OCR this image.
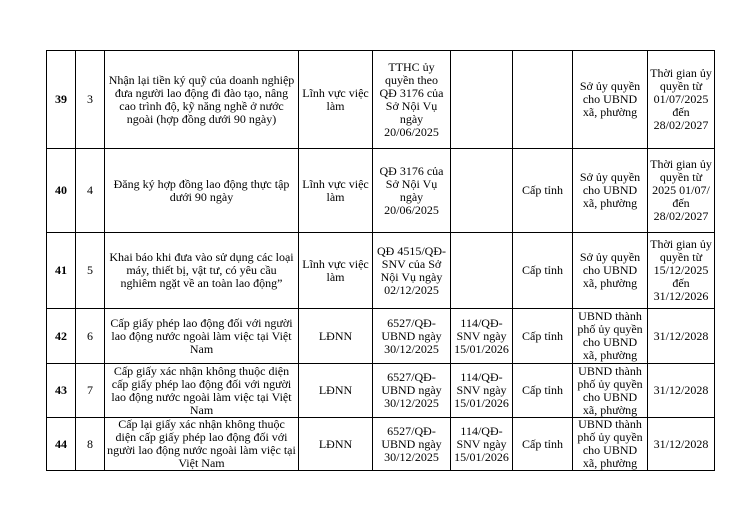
39	3	Nhận lại tiền ký quỹ của doanh nghiệp đưa người lao động đi đào tạo, nâng cao trình độ, kỹ năng nghề ở nước ngoài (hợp đồng dưới 90 ngày)	Lĩnh vực việc làm	TTHC ủy quyền theo QĐ 3176 của Sở Nội Vụ ngày 20/06/2025			Sở ủy quyền cho UBND xã, phường	Thời gian ủy quyền từ 01/07/2025 đến 28/02/2027
40	4	Đăng ký hợp đồng lao động thực tập dưới 90 ngày	Lĩnh vực việc làm	QĐ 3176 của Sở Nội Vụ ngày 20/06/2025		Cấp tỉnh	Sở ủy quyền cho UBND xã, phường	Thời gian ủy quyền từ 2025 01/07/đến 28/02/2027
41	5	Khai báo khi đưa vào sử dụng các loại máy, thiết bị, vật tư, có yêu cầu nghiêm ngặt về an toàn lao động”	Lĩnh vực việc làm	QĐ 4515/QĐ-SNV của Sở Nội Vụ ngày 02/12/2025		Cấp tỉnh	Sở ủy quyền cho UBND xã, phường	Thời gian ủy quyền từ 15/12/2025 đến 31/12/2026
42	6	Cấp giấy phép lao động đối với người lao động nước ngoài làm việc tại Việt Nam	LĐNN	6527/QĐ-UBND ngày 30/12/2025	114/QĐ-SNV ngày 15/01/2026	Cấp tỉnh	UBND thành phố ủy quyền cho UBND xã, phường	31/12/2028
43	7	Cấp giấy xác nhận không thuộc diện cấp giấy phép lao động đối với người lao động nước ngoài làm việc tại Việt Nam	LĐNN	6527/QĐ-UBND ngày 30/12/2025	114/QĐ-SNV ngày 15/01/2026	Cấp tỉnh	UBND thành phố ủy quyền cho UBND xã, phường	31/12/2028
44	8	Cấp lại giấy xác nhận không thuộc diện cấp giấy phép lao động đối với người lao động nước ngoài làm việc tại Việt Nam	LĐNN	6527/QĐ-UBND ngày 30/12/2025	114/QĐ-SNV ngày 15/01/2026	Cấp tỉnh	UBND thành phố ủy quyền cho UBND xã, phường	31/12/2028
